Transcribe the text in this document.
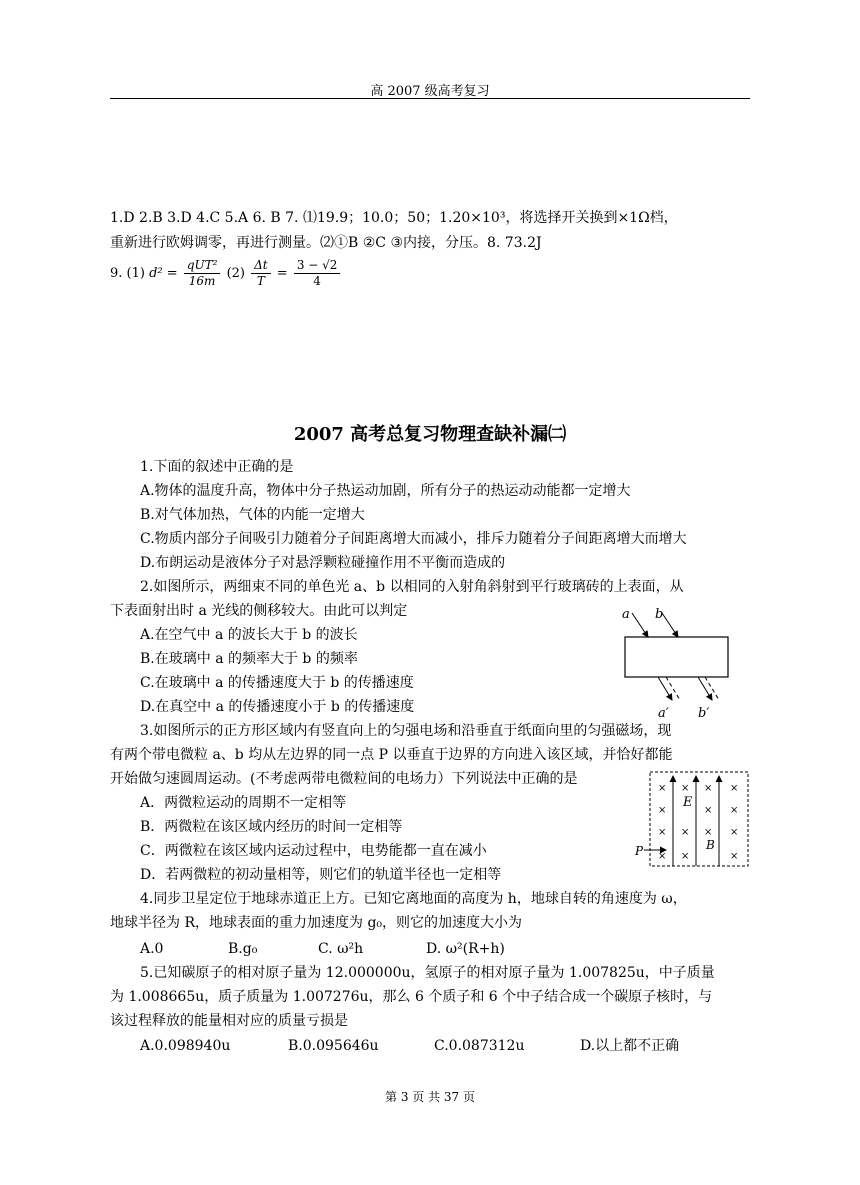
高 2007 级高考复习
1.D 2.B 3.D 4.C 5.A 6. B 7. ⑴19.9；10.0；50；1.20×10³，将选择开关换到×1Ω档，
重新进行欧姆调零，再进行测量。⑵①B ②C ③内接，分压。8. 73.2J
9. (1) $d^2 = \frac{\text{qUT²}}{16m} (2) \frac{\Delta t}{T} = \frac{3 - √2}{4}$
2007 高考总复习物理查缺补漏㈡
1.下面的叙述中正确的是
A.物体的温度升高，物体中分子热运动加剧，所有分子的热运动动能都一定增大
B.对气体加热，气体的内能一定增大
C.物质内部分子间吸引力随着分子间距离增大而减小，排斥力随着分子间距离增大而增大
D.布朗运动是液体分子对悬浮颗粒碰撞作用不平衡而造成的
2.如图所示，两细束不同的单色光 a、b 以相同的入射角斜射到平行玻璃砖的上表面，从
下表面射出时 a 光线的侧移较大。由此可以判定
A.在空气中 a 的波长大于 b 的波长
B.在玻璃中 a 的频率大于 b 的频率
C.在玻璃中 a 的传播速度大于 b 的传播速度
D.在真空中 a 的传播速度小于 b 的传播速度
3.如图所示的正方形区域内有竖直向上的匀强电场和沿垂直于纸面向里的匀强磁场，现
有两个带电微粒 a、b 均从左边界的同一点 P 以垂直于边界的方向进入该区域，并恰好都能
开始做匀速圆周运动。(不考虑两带电微粒间的电场力）下列说法中正确的是
A．两微粒运动的周期不一定相等
B．两微粒在该区域内经历的时间一定相等
C．两微粒在该区域内运动过程中，电势能都一直在减小
D．若两微粒的初动量相等，则它们的轨道半径也一定相等
4.同步卫星定位于地球赤道正上方。已知它离地面的高度为 h，地球自转的角速度为 ω，
地球半径为 R，地球表面的重力加速度为 g₀，则它的加速度大小为
A.0	B.g₀	C. ω²h	D. ω²(R+h)
5.已知碳原子的相对原子量为 12.000000u，氢原子的相对原子量为 1.007825u，中子质量
为 1.008665u，质子质量为 1.007276u，那么 6 个质子和 6 个中子结合成一个碳原子核时，与
该过程释放的能量相对应的质量亏损是
A.0.098940u	B.0.095646u	C.0.087312u	D.以上都不正确
a b
a′ b′
× × × ×
×	× ×
× × × ×
× ×	×
E
B
P
第 3 页 共 37 页
